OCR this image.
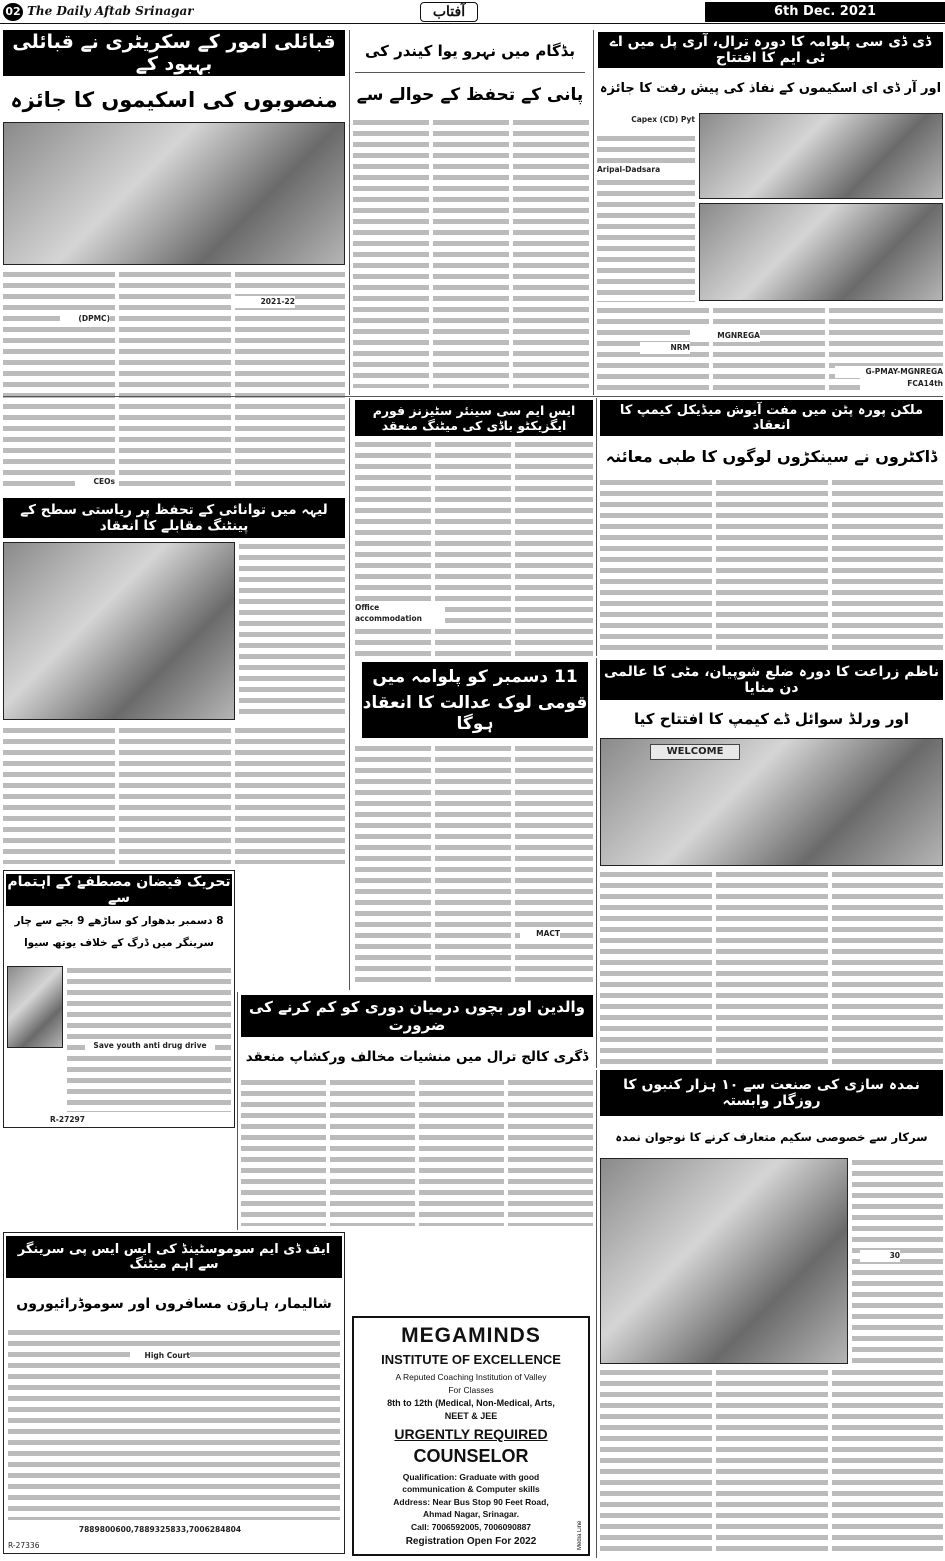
02 The Daily Aftab Srinagar	آفتاب	6th Dec. 2021
قبائلی امور کے سکریٹری نے قبائلی بہبود کے
منصوبوں کی اسکیموں کا جائزہ
2021-22
(DPMC)
CEOs
بڈگام میں نہرو یوا کیندر کی
پانی کے تحفظ کے حوالے سے
ڈی ڈی سی پلوامہ کا دورہ ترال، آری پل میں اے ٹی ایم کا افتتاح
اور آر ڈی ای اسکیموں کے نفاذ کی پیش رفت کا جائزہ
Capex (CD) Pyt
Aripal-Dadsara
MGNREGA
NRM
G-PMAY-MGNREGA
FCA14th
ایس ایم سی سینئر سٹیزنز فورم ایگزیکٹو باڈی کی میٹنگ منعقد
Office accommodation

ملکن پورہ پٹن میں مفت آیوش میڈیکل کیمپ کا انعقاد
ڈاکٹروں نے سینکڑوں لوگوں کا طبی معائنہ
لیہہ میں توانائی کے تحفظ پر ریاستی سطح کے پینٹنگ مقابلے کا انعقاد
11 دسمبر کو پلوامہ میں
قومی لوک عدالت کا انعقاد ہوگا
MACT
ناظم زراعت کا دورہ ضلع شوپیان، مٹی کا عالمی دن منایا
اور ورلڈ سوائل ڈے کیمپ کا افتتاح کیا
WELCOME
تحریک فیضان مصطفےٰ کے اہتمام سے
8 دسمبر بدھوار کو ساڑھے 9 بجے سے چار
سرینگر میں ڈرگ کے خلاف یوتھ سیوا
Save youth anti drug drive
R-27297
والدین اور بچوں درمیان دوری کو کم کرنے کی ضرورت
ڈگری کالج ترال میں منشیات مخالف ورکشاپ منعقد
نمدہ سازی کی صنعت سے ۱۰ ہزار کنبوں کا روزگار وابستہ
سرکار سے خصوصی سکیم متعارف کرنے کا نوجوان نمدہ
30
ایف ڈی ایم سوموسٹینڈ کی ایس ایس پی سرینگر سے اہم میٹنگ
شالیمار، ہاروَن مسافروں اور سوموڈرائیوروں
High Court
7889800600,7889325833,7006284804
R-27336
MEGAMINDS
INSTITUTE OF EXCELLENCE
A Reputed Coaching Institution of Valley
For Classes
8th to 12th (Medical, Non-Medical, Arts,
NEET & JEE
URGENTLY REQUIRED
COUNSELOR
Qualification: Graduate with good
communication & Computer skills
Address: Near Bus Stop 90 Feet Road,
Ahmad Nagar, Srinagar.
Call: 7006592005, 7006090887
Registration Open For 2022	Media Line
